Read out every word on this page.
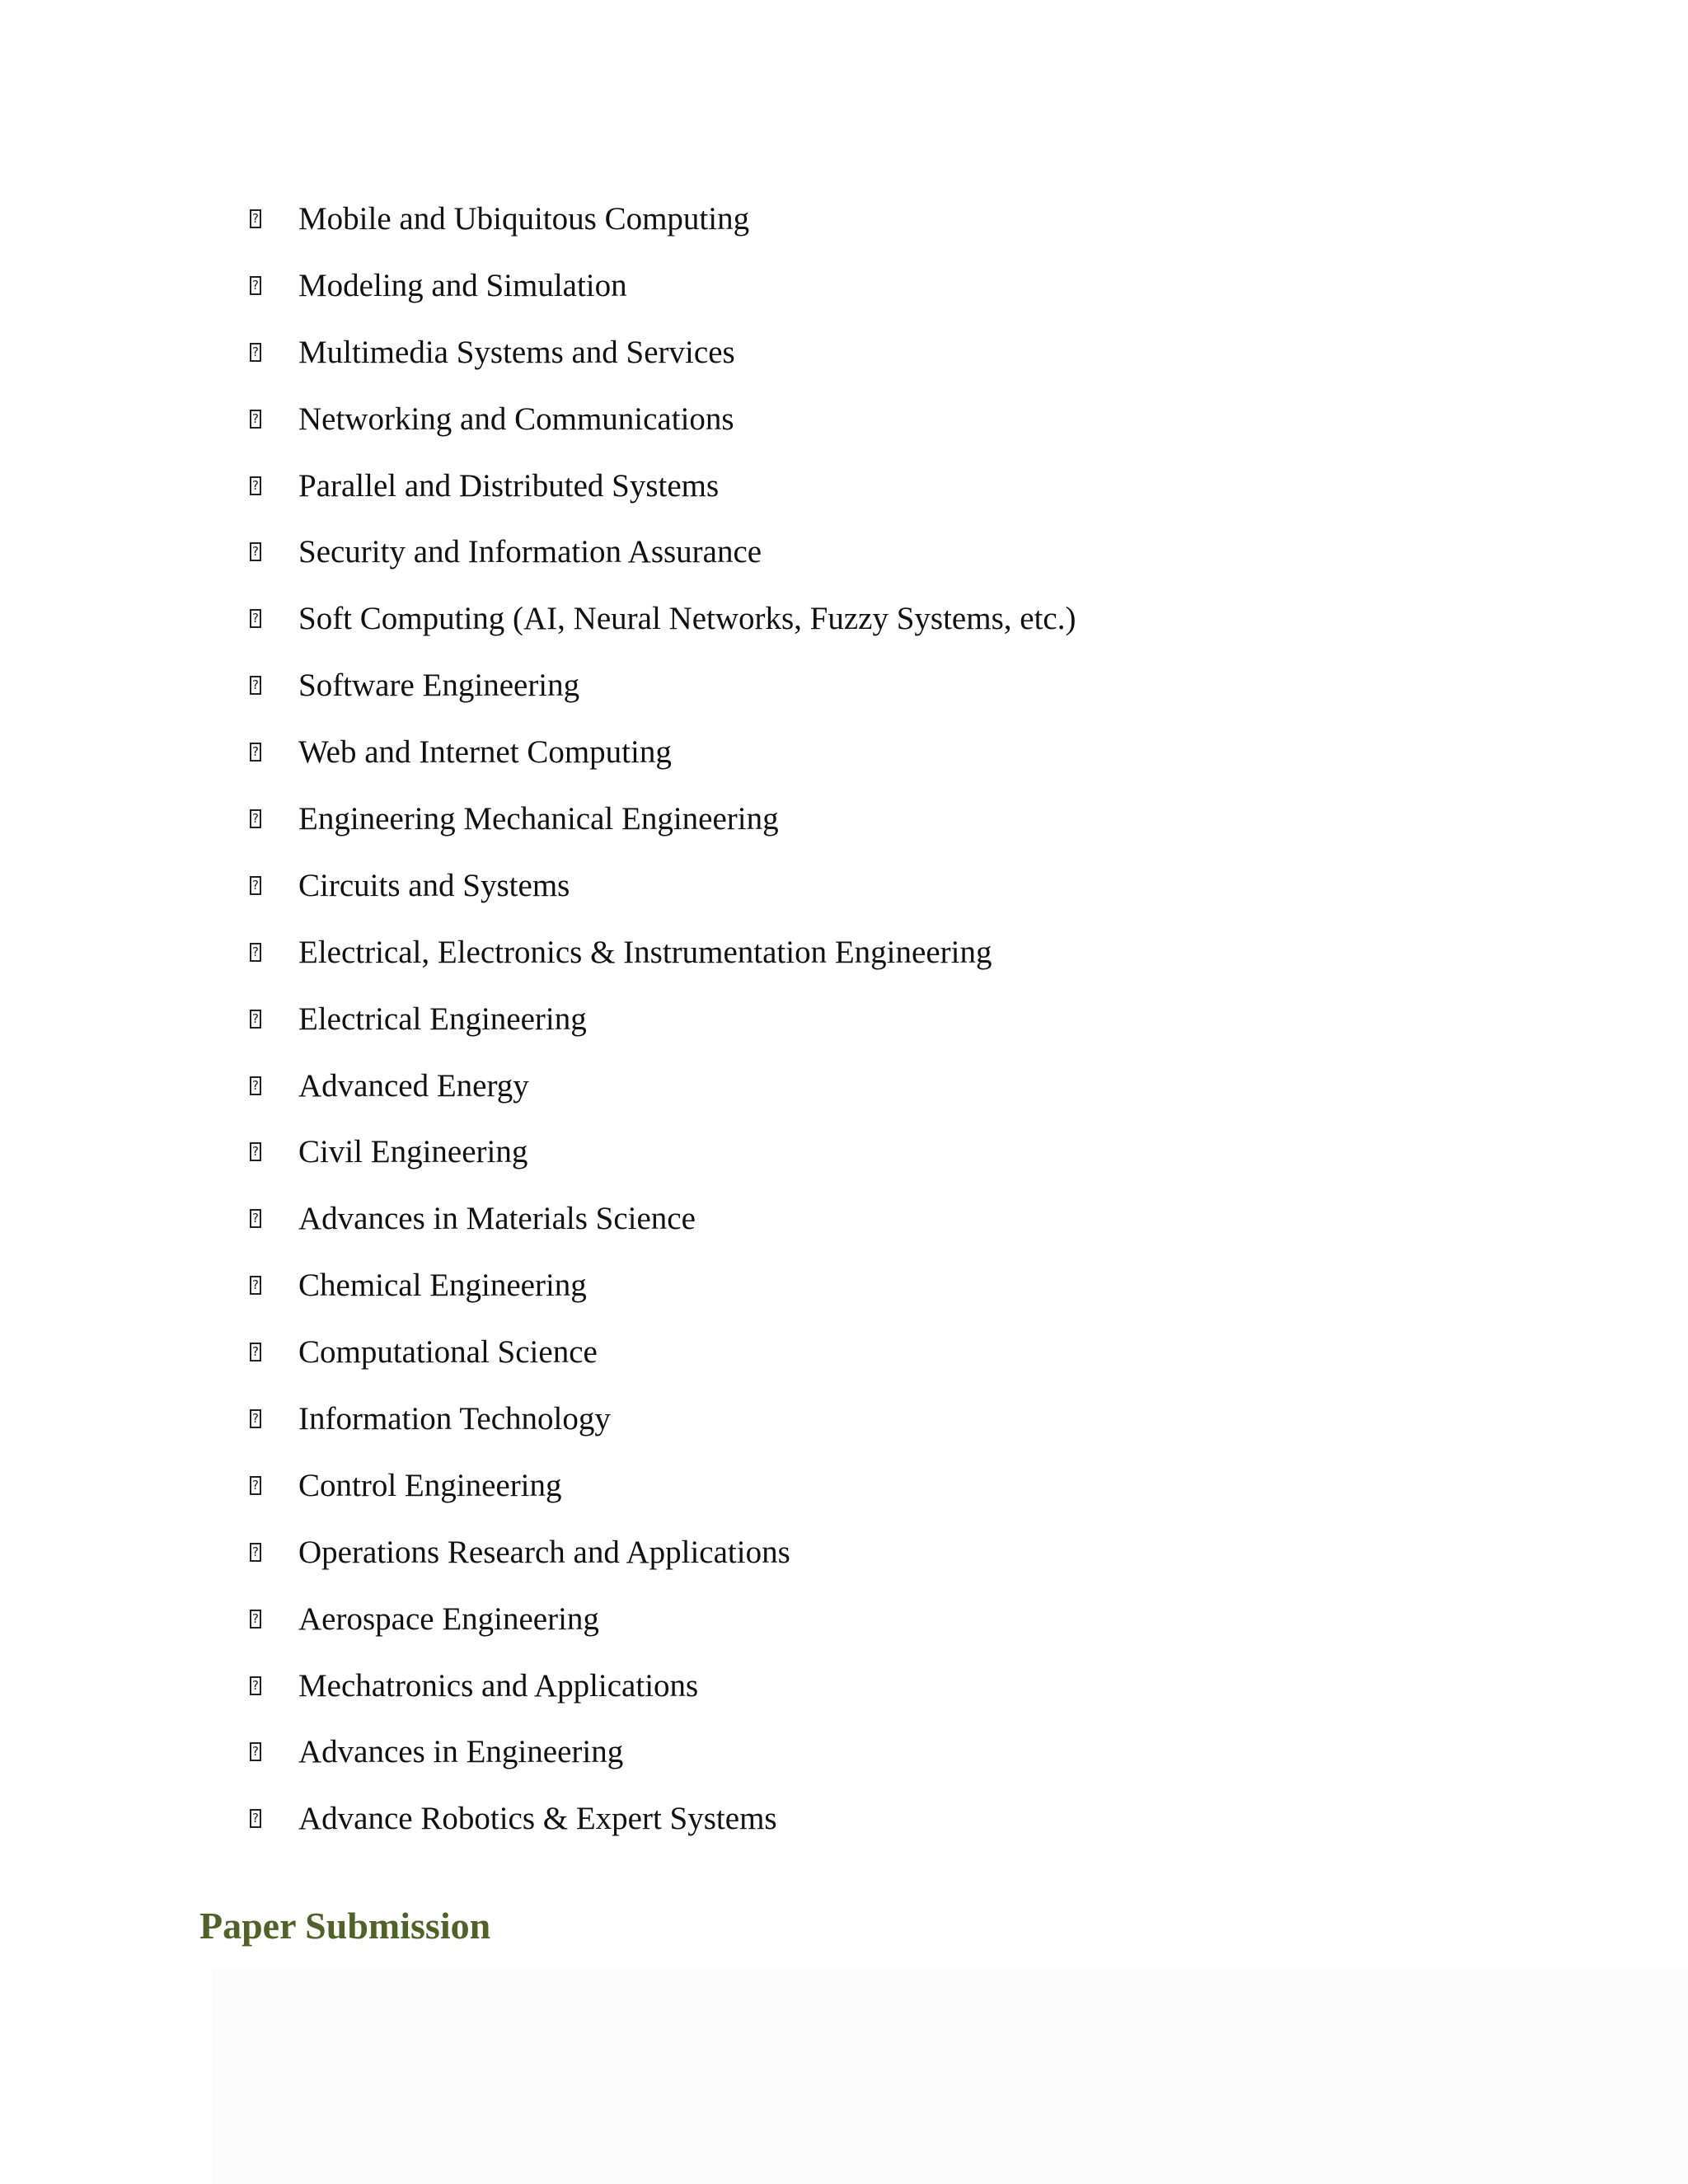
? Mobile and Ubiquitous Computing
? Modeling and Simulation
? Multimedia Systems and Services
? Networking and Communications
? Parallel and Distributed Systems
? Security and Information Assurance
? Soft Computing (AI, Neural Networks, Fuzzy Systems, etc.)
? Software Engineering
? Web and Internet Computing
? Engineering Mechanical Engineering
? Circuits and Systems
? Electrical, Electronics & Instrumentation Engineering
? Electrical Engineering
? Advanced Energy
? Civil Engineering
? Advances in Materials Science
? Chemical Engineering
? Computational Science
? Information Technology
? Control Engineering
? Operations Research and Applications
? Aerospace Engineering
? Mechatronics and Applications
? Advances in Engineering
? Advance Robotics & Expert Systems
Paper Submission
